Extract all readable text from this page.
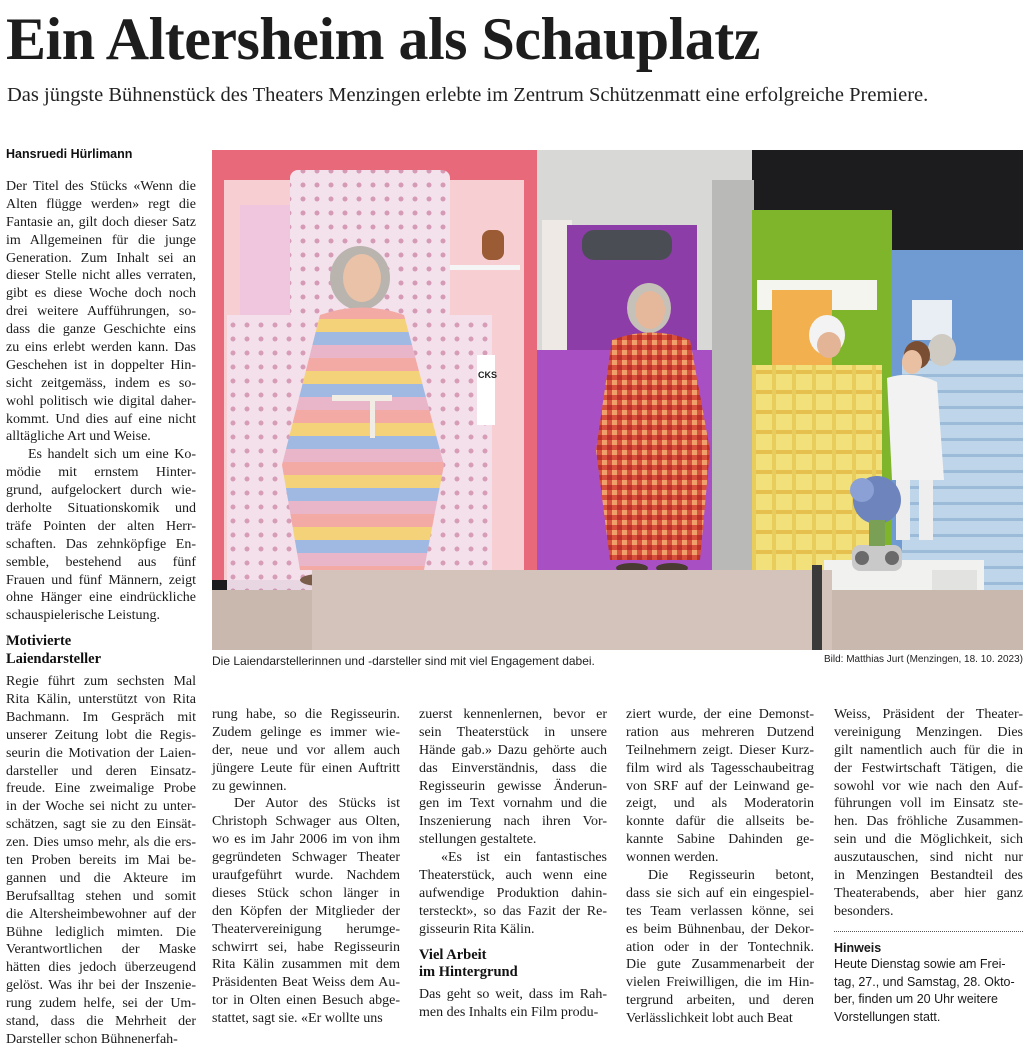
Ein Altersheim als Schauplatz

Das jüngste Bühnenstück des Theaters Menzingen erlebte im Zentrum Schützenmatt eine erfolgreiche Premiere.

Hansruedi Hürlimann

Der Titel des Stücks «Wenn die
Alten flügge werden» regt die
Fantasie an, gilt doch dieser Satz
im Allgemeinen für die junge
Generation. Zum Inhalt sei an
dieser Stelle nicht alles verraten,
gibt es diese Woche doch noch
drei weitere Aufführungen, so-
dass die ganze Geschichte eins
zu eins erlebt werden kann. Das
Geschehen ist in doppelter Hin-
sicht zeitgemäss, indem es so-
wohl politisch wie digital daher-
kommt. Und dies auf eine nicht
alltägliche Art und Weise.

Es handelt sich um eine Ko-
mödie mit ernstem Hinter-
grund, aufgelockert durch wie-
derholte Situationskomik und
träfe Pointen der alten Herr-
schaften. Das zehnköpfige En-
semble, bestehend aus fünf
Frauen und fünf Männern, zeigt
ohne Hänger eine eindrückliche
schauspielerische Leistung.

Motivierte
Laiendarsteller

Regie führt zum sechsten Mal
Rita Kälin, unterstützt von Rita
Bachmann. Im Gespräch mit
unserer Zeitung lobt die Regis-
seurin die Motivation der Laien-
darsteller und deren Einsatz-
freude. Eine zweimalige Probe
in der Woche sei nicht zu unter-
schätzen, sagt sie zu den Einsät-
zen. Dies umso mehr, als die ers-
ten Proben bereits im Mai be-
gannen und die Akteure im
Berufsalltag stehen und somit
die Altersheimbewohner auf der
Bühne lediglich mimten. Die
Verantwortlichen der Maske
hätten dies jedoch überzeugend
gelöst. Was ihr bei der Inszenie-
rung zudem helfe, sei der Um-
stand, dass die Mehrheit der
Darsteller schon Bühnenerfah-

CKS
Die Laiendarstellerinnen und -darsteller sind mit viel Engagement dabei.	Bild: Matthias Jurt (Menzingen, 18. 10. 2023)

rung habe, so die Regisseurin.
Zudem gelinge es immer wie-
der, neue und vor allem auch
jüngere Leute für einen Auftritt
zu gewinnen.

Der Autor des Stücks ist
Christoph Schwager aus Olten,
wo es im Jahr 2006 im von ihm
gegründeten Schwager Theater
uraufgeführt wurde. Nachdem
dieses Stück schon länger in
den Köpfen der Mitglieder der
Theatervereinigung herumge-
schwirrt sei, habe Regisseurin
Rita Kälin zusammen mit dem
Präsidenten Beat Weiss dem Au-
tor in Olten einen Besuch abge-
stattet, sagt sie. «Er wollte uns

zuerst kennenlernen, bevor er
sein Theaterstück in unsere
Hände gab.» Dazu gehörte auch
das Einverständnis, dass die
Regisseurin gewisse Änderun-
gen im Text vornahm und die
Inszenierung nach ihren Vor-
stellungen gestaltete.

«Es ist ein fantastisches
Theaterstück, auch wenn eine
aufwendige Produktion dahin-
tersteckt», so das Fazit der Re-
gisseurin Rita Kälin.

Viel Arbeit
im Hintergrund

Das geht so weit, dass im Rah-
men des Inhalts ein Film produ-

ziert wurde, der eine Demonst-
ration aus mehreren Dutzend
Teilnehmern zeigt. Dieser Kurz-
film wird als Tagesschaubeitrag
von SRF auf der Leinwand ge-
zeigt, und als Moderatorin
konnte dafür die allseits be-
kannte Sabine Dahinden ge-
wonnen werden.

Die Regisseurin betont,
dass sie sich auf ein eingespiel-
tes Team verlassen könne, sei
es beim Bühnenbau, der Dekor-
ation oder in der Tontechnik.
Die gute Zusammenarbeit der
vielen Freiwilligen, die im Hin-
tergrund arbeiten, und deren
Verlässlichkeit lobt auch Beat

Weiss, Präsident der Theater-
vereinigung Menzingen. Dies
gilt namentlich auch für die in
der Festwirtschaft Tätigen, die
sowohl vor wie nach den Auf-
führungen voll im Einsatz ste-
hen. Das fröhliche Zusammen-
sein und die Möglichkeit, sich
auszutauschen, sind nicht nur
in Menzingen Bestandteil des
Theaterabends, aber hier ganz
besonders.

Hinweis
Heute Dienstag sowie am Frei-
tag, 27., und Samstag, 28. Okto-
ber, finden um 20 Uhr weitere
Vorstellungen statt.
